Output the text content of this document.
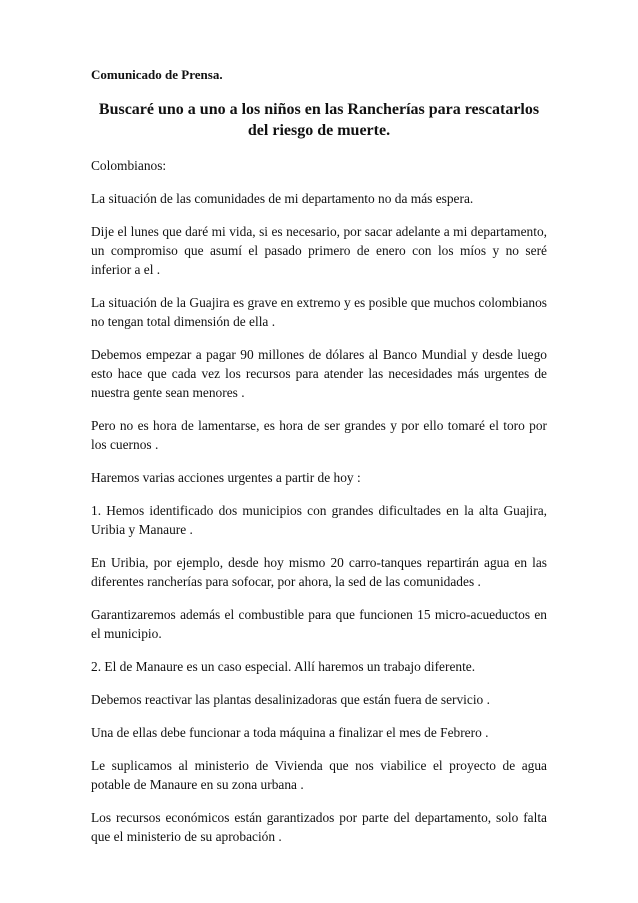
Comunicado de Prensa.

Buscaré uno a uno a los niños en las Rancherías para rescatarlos del riesgo de muerte.

Colombianos:

La situación de las comunidades de mi departamento no da más espera.

Dije el lunes que daré mi vida, si es necesario, por sacar adelante a mi departamento, un compromiso que asumí el pasado primero de enero con los míos y no seré inferior a el .

La situación de la Guajira es grave en extremo y es posible que muchos colombianos no tengan total dimensión de ella .

Debemos empezar a pagar 90 millones de dólares al Banco Mundial y desde luego esto hace que cada vez los recursos para atender las necesidades más urgentes de nuestra gente sean menores .

Pero no es hora de lamentarse, es hora de ser grandes y por ello tomaré el toro por los cuernos .

Haremos varias acciones urgentes a partir de hoy :

1. Hemos identificado dos municipios con grandes dificultades en la alta Guajira, Uribia y Manaure .

En Uribia, por ejemplo, desde hoy mismo 20 carro-tanques repartirán agua en las diferentes rancherías para sofocar, por ahora, la sed de las comunidades .

Garantizaremos además el combustible para que funcionen 15 micro-acueductos en el municipio.

2. El de Manaure es un caso especial. Allí haremos un trabajo diferente.

Debemos reactivar las plantas desalinizadoras que están fuera de servicio .

Una de ellas debe funcionar a toda máquina a finalizar el mes de Febrero .

Le suplicamos al ministerio de Vivienda que nos viabilice el proyecto de agua potable de Manaure en su zona urbana .

Los recursos económicos están garantizados por parte del departamento, solo falta que el ministerio de su aprobación .
